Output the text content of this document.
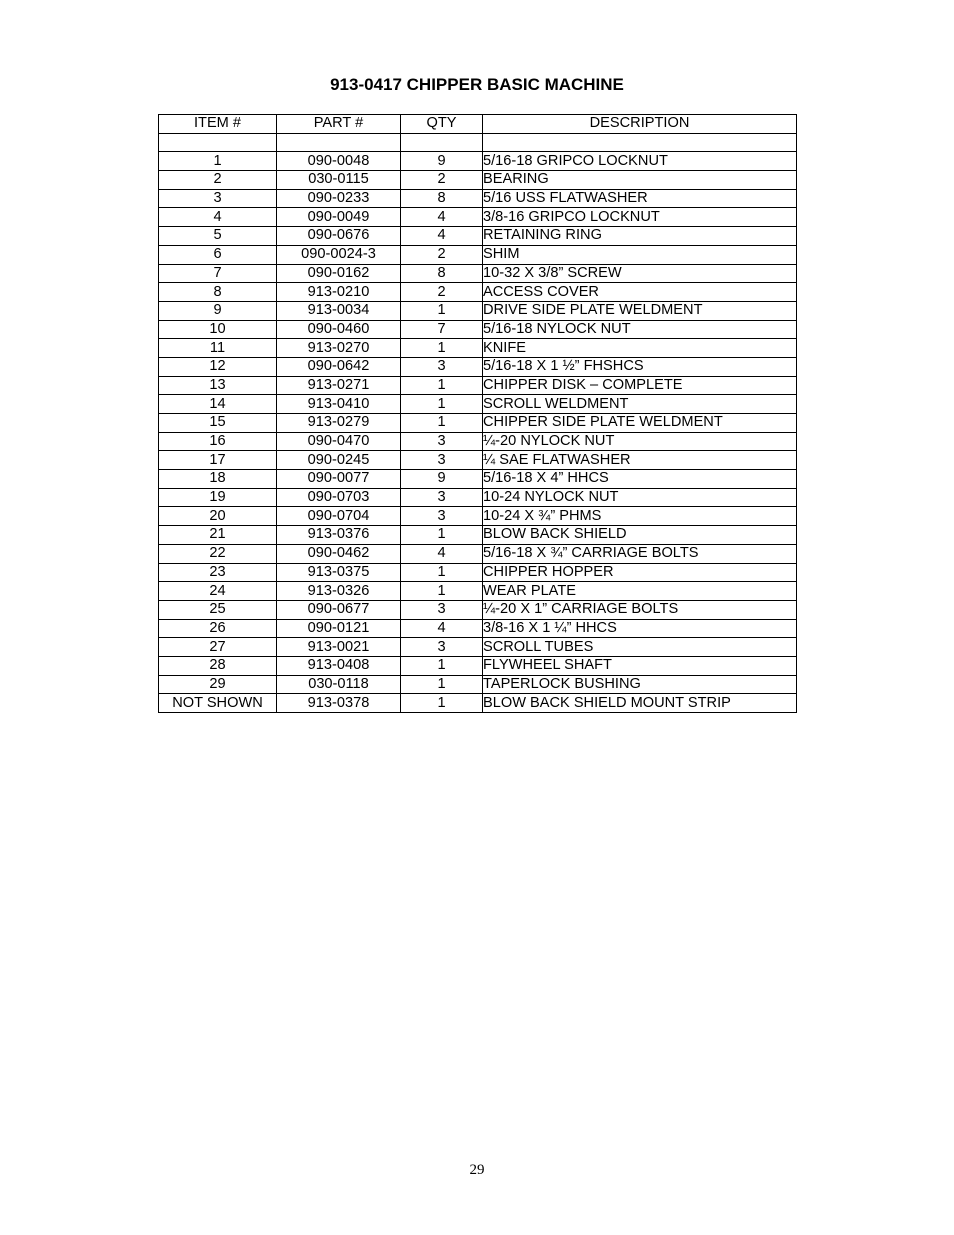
913-0417 CHIPPER BASIC MACHINE
ITEM #	PART #	QTY	DESCRIPTION

1	090-0048	9	5/16-18 GRIPCO LOCKNUT
2	030-0115	2	BEARING
3	090-0233	8	5/16 USS FLATWASHER
4	090-0049	4	3/8-16 GRIPCO LOCKNUT
5	090-0676	4	RETAINING RING
6	090-0024-3	2	SHIM
7	090-0162	8	10-32 X 3/8” SCREW
8	913-0210	2	ACCESS COVER
9	913-0034	1	DRIVE SIDE PLATE WELDMENT
10	090-0460	7	5/16-18 NYLOCK NUT
11	913-0270	1	KNIFE
12	090-0642	3	5/16-18 X 1 ½” FHSHCS
13	913-0271	1	CHIPPER DISK – COMPLETE
14	913-0410	1	SCROLL WELDMENT
15	913-0279	1	CHIPPER SIDE PLATE WELDMENT
16	090-0470	3	¼-20 NYLOCK NUT
17	090-0245	3	¼ SAE FLATWASHER
18	090-0077	9	5/16-18 X 4” HHCS
19	090-0703	3	10-24 NYLOCK NUT
20	090-0704	3	10-24 X ¾” PHMS
21	913-0376	1	BLOW BACK SHIELD
22	090-0462	4	5/16-18 X ¾” CARRIAGE BOLTS
23	913-0375	1	CHIPPER HOPPER
24	913-0326	1	WEAR PLATE
25	090-0677	3	¼-20 X 1” CARRIAGE BOLTS
26	090-0121	4	3/8-16 X 1 ¼” HHCS
27	913-0021	3	SCROLL TUBES
28	913-0408	1	FLYWHEEL SHAFT
29	030-0118	1	TAPERLOCK BUSHING
NOT SHOWN	913-0378	1	BLOW BACK SHIELD MOUNT STRIP
29
